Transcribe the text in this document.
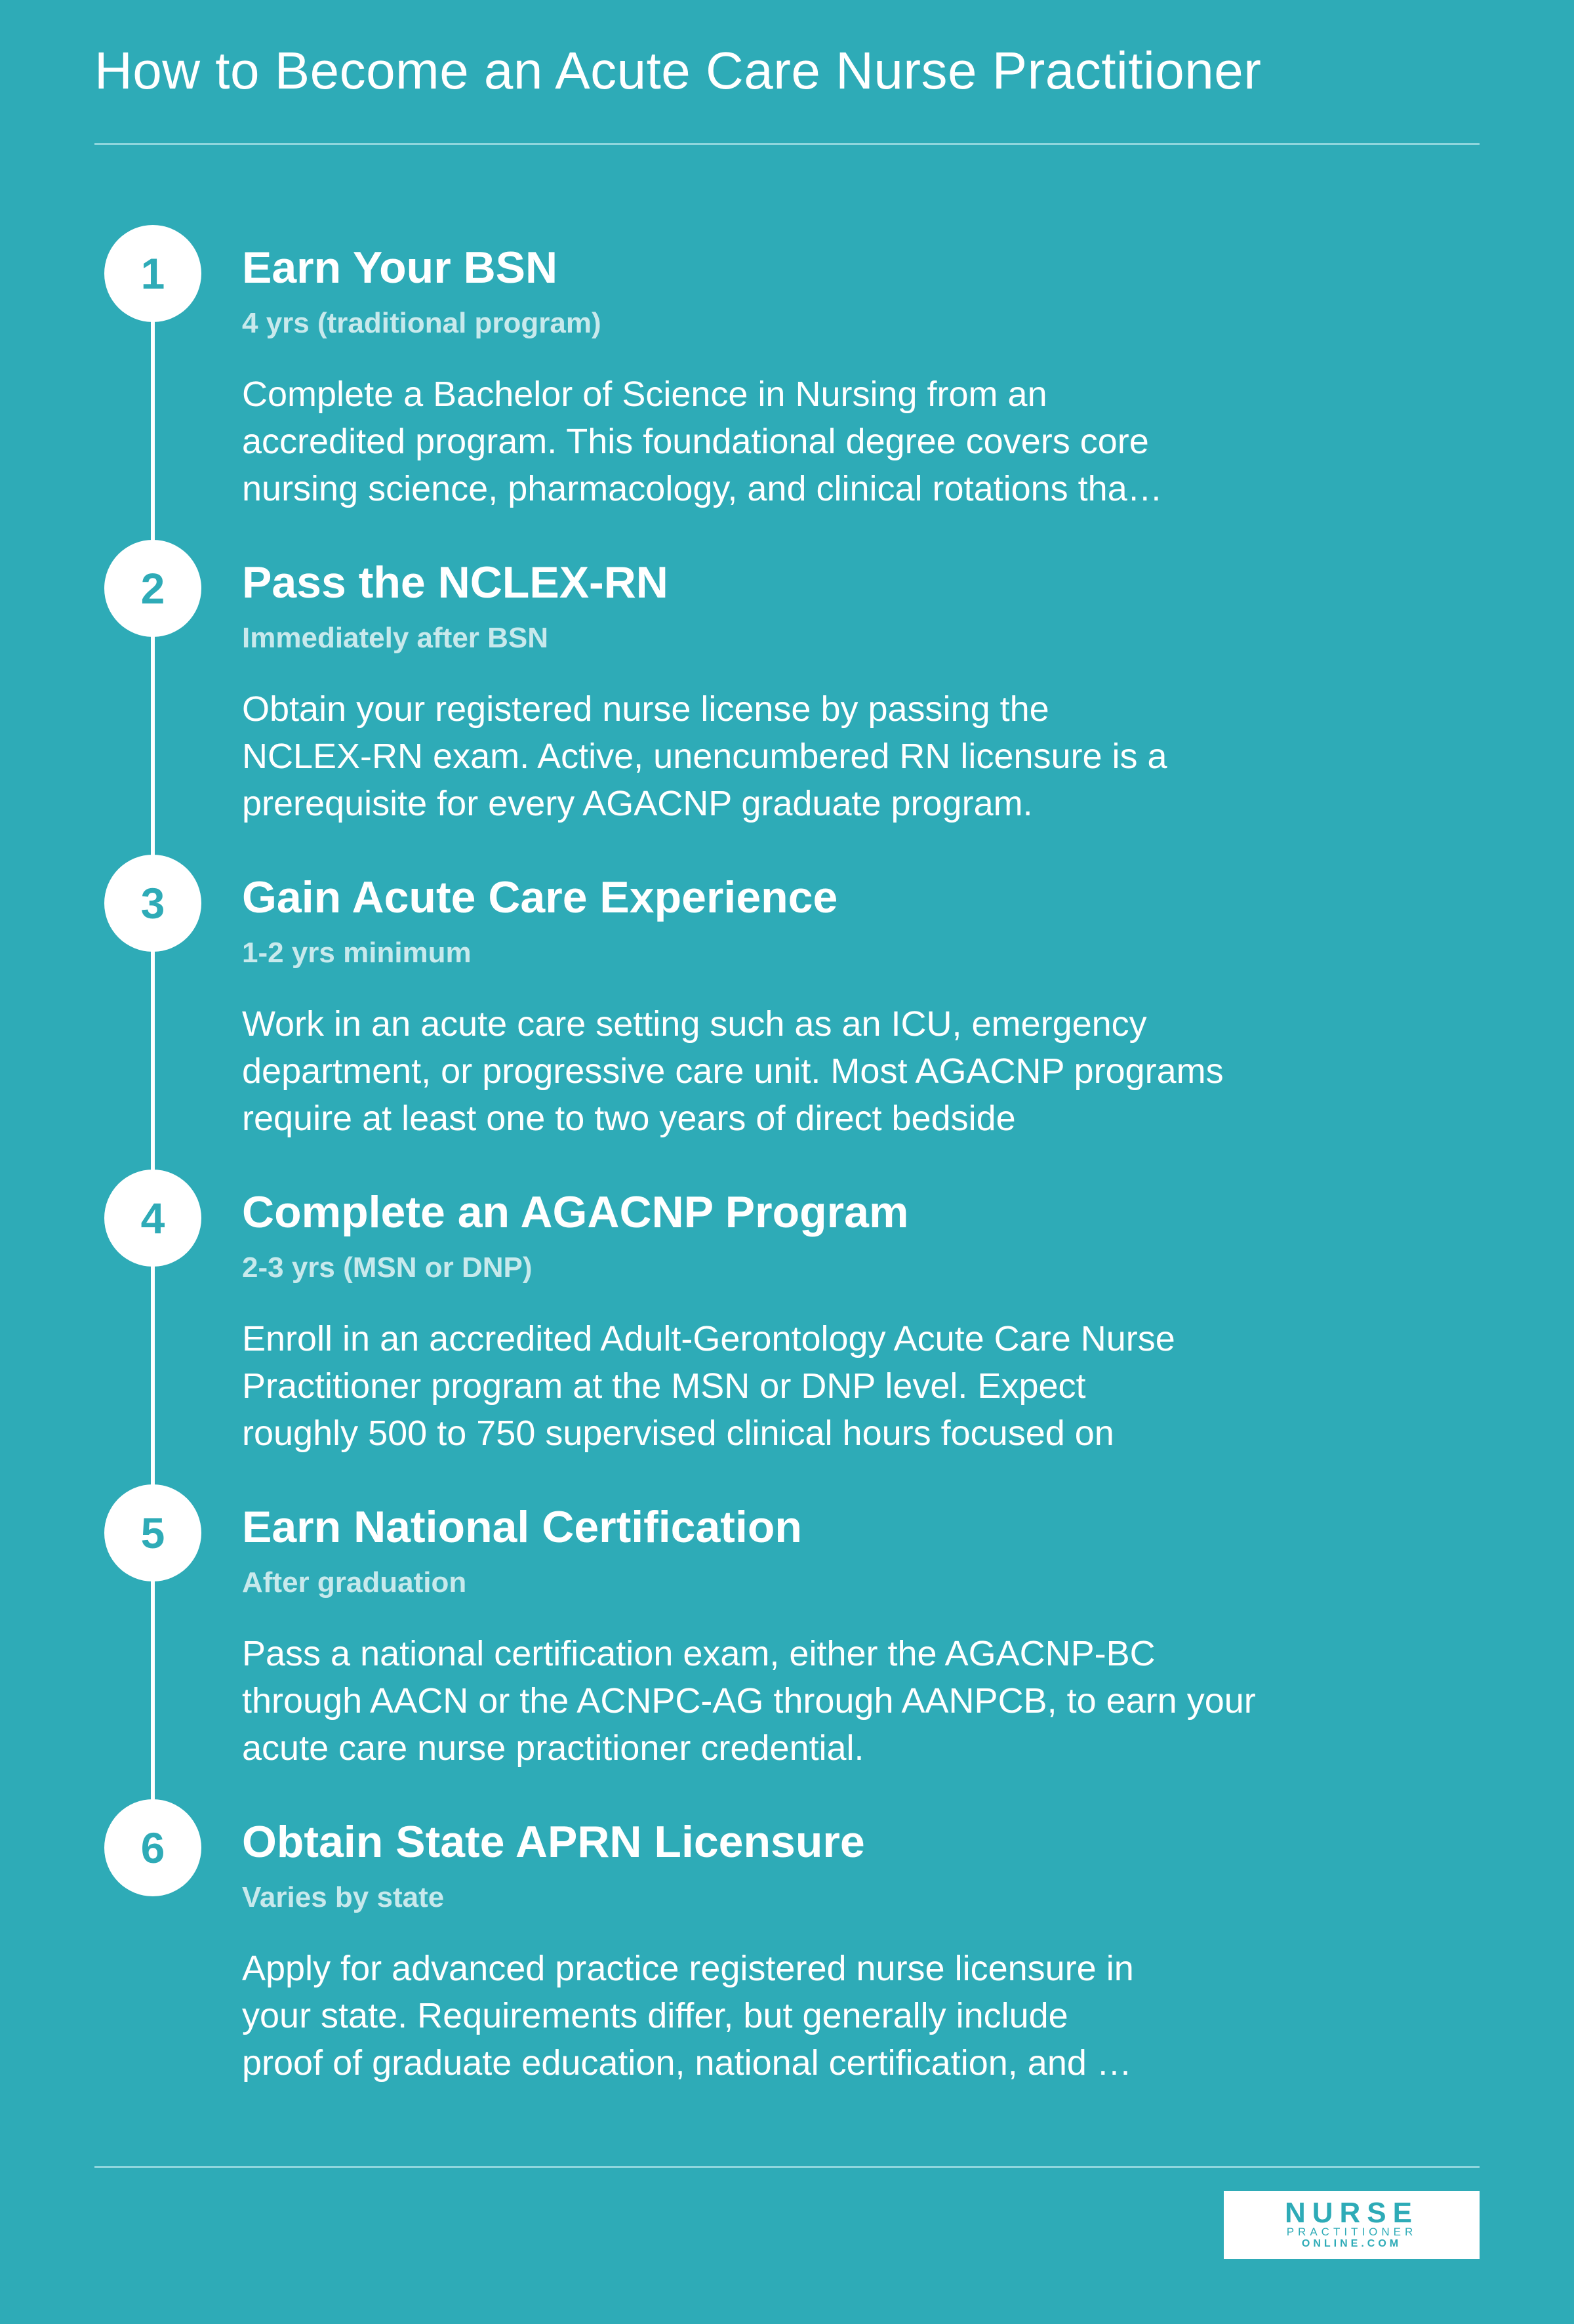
How to Become an Acute Care Nurse Practitioner
1	Earn Your BSN
4 yrs (traditional program)
Complete a Bachelor of Science in Nursing from an
accredited program. This foundational degree covers core
nursing science, pharmacology, and clinical rotations tha…
2	Pass the NCLEX-RN
Immediately after BSN
Obtain your registered nurse license by passing the
NCLEX-RN exam. Active, unencumbered RN licensure is a
prerequisite for every AGACNP graduate program.
3	Gain Acute Care Experience
1-2 yrs minimum
Work in an acute care setting such as an ICU, emergency
department, or progressive care unit. Most AGACNP programs
require at least one to two years of direct bedside
4	Complete an AGACNP Program
2-3 yrs (MSN or DNP)
Enroll in an accredited Adult-Gerontology Acute Care Nurse
Practitioner program at the MSN or DNP level. Expect
roughly 500 to 750 supervised clinical hours focused on
5	Earn National Certification
After graduation
Pass a national certification exam, either the AGACNP-BC
through AACN or the ACNPC-AG through AANPCB, to earn your
acute care nurse practitioner credential.
6	Obtain State APRN Licensure
Varies by state
Apply for advanced practice registered nurse licensure in
your state. Requirements differ, but generally include
proof of graduate education, national certification, and …
NURSE
PRACTITIONER
ONLINE.COM
